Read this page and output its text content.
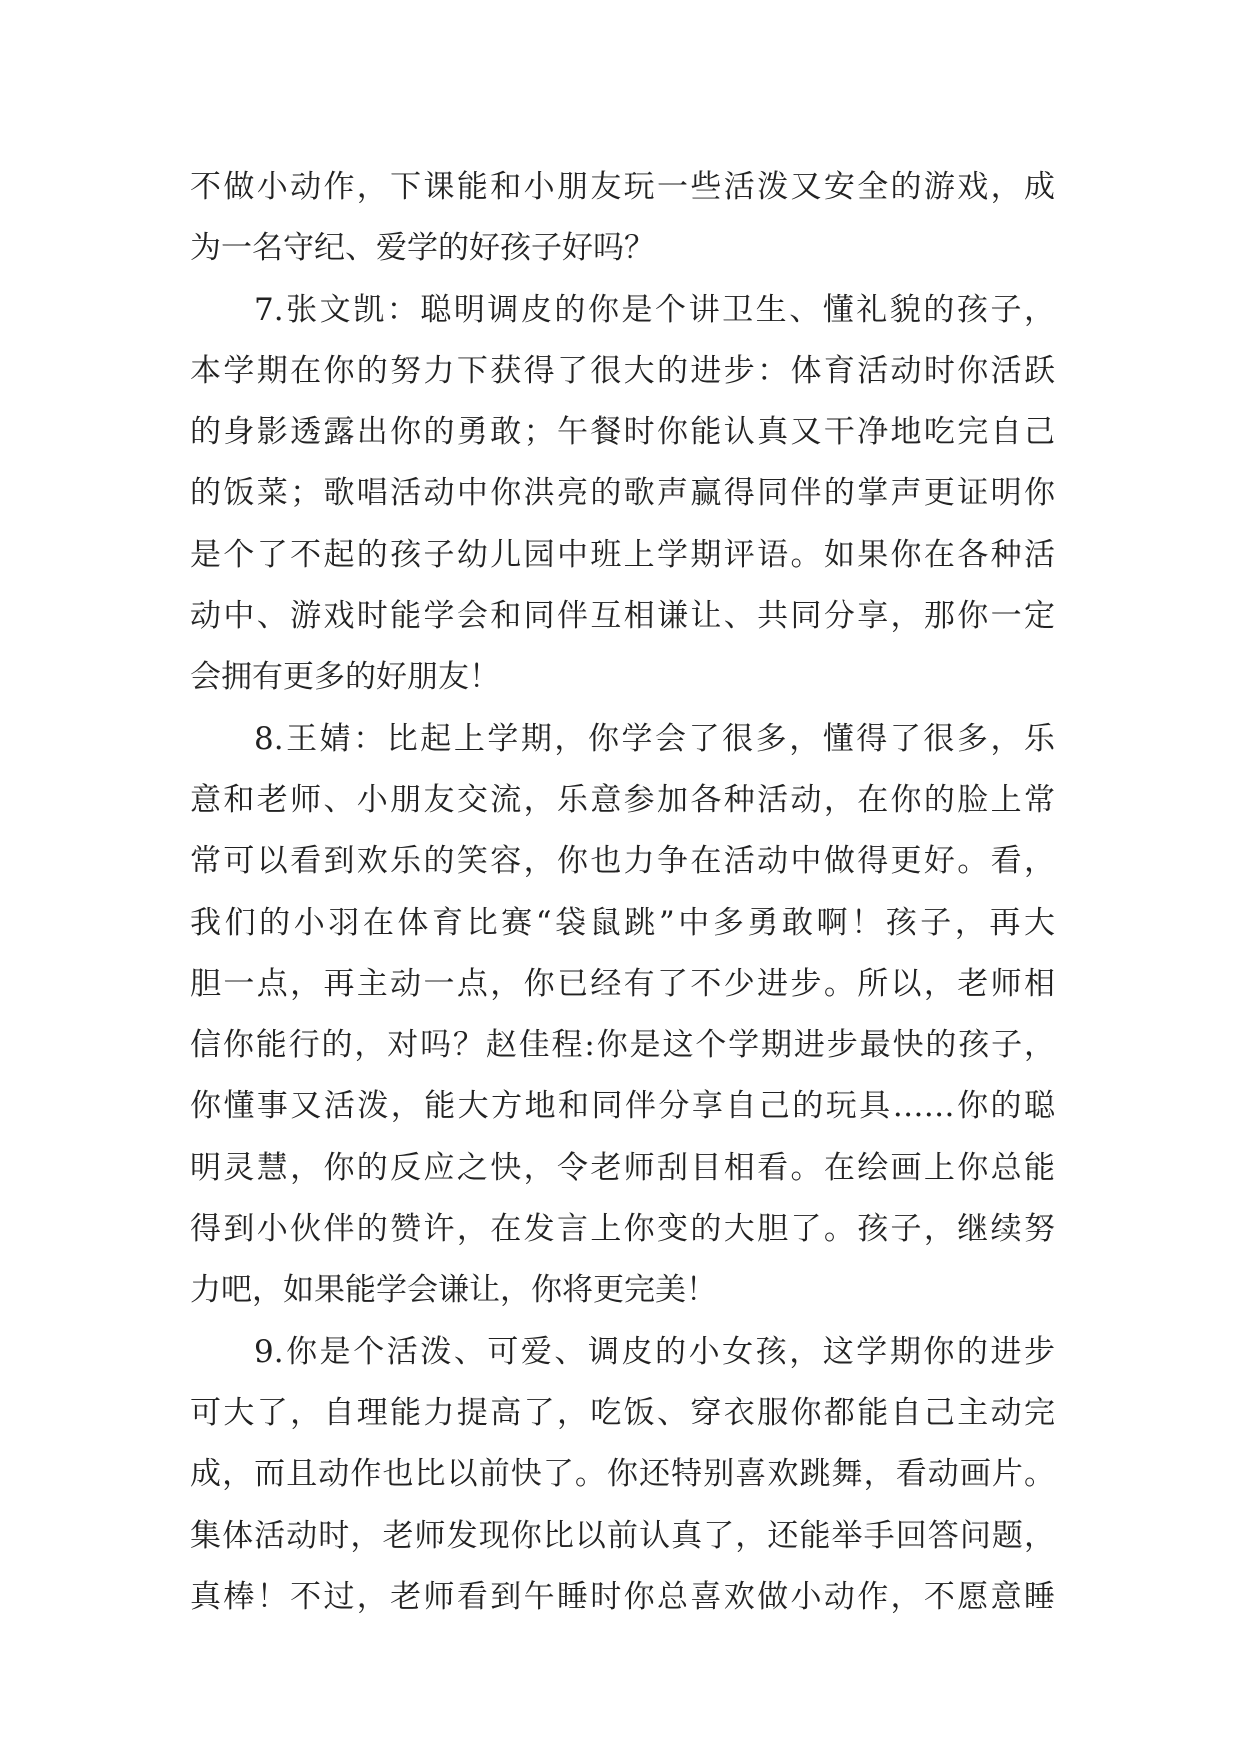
不做小动作，下课能和小朋友玩一些活泼又安全的游戏，成
为一名守纪、爱学的好孩子好吗？
7.张文凯：聪明调皮的你是个讲卫生、懂礼貌的孩子，
本学期在你的努力下获得了很大的进步：体育活动时你活跃
的身影透露出你的勇敢；午餐时你能认真又干净地吃完自己
的饭菜；歌唱活动中你洪亮的歌声赢得同伴的掌声更证明你
是个了不起的孩子幼儿园中班上学期评语。如果你在各种活
动中、游戏时能学会和同伴互相谦让、共同分享，那你一定
会拥有更多的好朋友！
8.王婧：比起上学期，你学会了很多，懂得了很多，乐
意和老师、小朋友交流，乐意参加各种活动，在你的脸上常
常可以看到欢乐的笑容，你也力争在活动中做得更好。看，
我们的小羽在体育比赛“袋鼠跳”中多勇敢啊！孩子，再大
胆一点，再主动一点，你已经有了不少进步。所以，老师相
信你能行的，对吗？赵佳程:你是这个学期进步最快的孩子，
你懂事又活泼，能大方地和同伴分享自己的玩具……你的聪
明灵慧，你的反应之快，令老师刮目相看。在绘画上你总能
得到小伙伴的赞许，在发言上你变的大胆了。孩子，继续努
力吧，如果能学会谦让，你将更完美！
9.你是个活泼、可爱、调皮的小女孩，这学期你的进步
可大了，自理能力提高了，吃饭、穿衣服你都能自己主动完
成，而且动作也比以前快了。你还特别喜欢跳舞，看动画片。
集体活动时，老师发现你比以前认真了，还能举手回答问题，
真棒！不过，老师看到午睡时你总喜欢做小动作，不愿意睡
